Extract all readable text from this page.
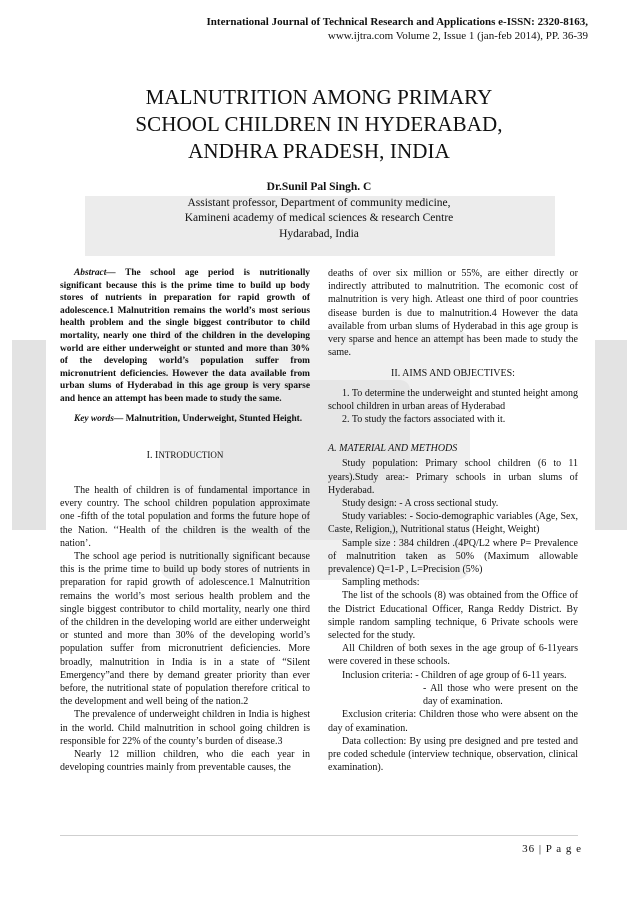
International Journal of Technical Research and Applications e-ISSN: 2320-8163,
www.ijtra.com Volume 2, Issue 1 (jan-feb 2014), PP. 36-39
MALNUTRITION AMONG PRIMARY
SCHOOL CHILDREN IN HYDERABAD,
ANDHRA PRADESH, INDIA
Dr.Sunil Pal Singh. C
Assistant professor, Department of community medicine,
Kamineni academy of medical sciences & research Centre
Hydarabad, India

Abstract— The school age period is nutritionally significant because this is the prime time to build up body stores of nutrients in preparation for rapid growth of adolescence.1 Malnutrition remains the world’s most serious health problem and the single biggest contributor to child mortality, nearly one third of the children in the developing world are either underweight or stunted and more than 30% of the developing world’s population suffer from micronutrient deficiencies. However the data available from urban slums of Hyderabad in this age group is very sparse and hence an attempt has been made to study the same.

Key words— Malnutrition, Underweight, Stunted Height.

I. INTRODUCTION

The health of children is of fundamental importance in every country. The school children population approximate one -fifth of the total population and forms the future hope of the Nation. ‘‘Health of the children is the wealth of the nation’.

The school age period is nutritionally significant because this is the prime time to build up body stores of nutrients in preparation for rapid growth of adolescence.1 Malnutrition remains the world’s most serious health problem and the single biggest contributor to child mortality, nearly one third of the children in the developing world are either underweight or stunted and more than 30% of the developing world’s population suffer from micronutrient deficiencies. More broadly, malnutrition in India is in a state of “Silent Emergency”and there by demand greater priority than ever before, the nutritional state of population therefore critical to the development and well being of the nation.2

The prevalence of underweight children in India is highest in the world. Child malnutrition in school going children is responsible for 22% of the county’s burden of disease.3

Nearly 12 million children, who die each year in developing countries mainly from preventable causes, the

deaths of over six million or 55%, are either directly or indirectly attributed to malnutrition. The ecomonic cost of malnutrition is very high. Atleast one third of poor countries disease burden is due to malnutrition.4 However the data available from urban slums of Hyderabad in this age group is very sparse and hence an attempt has been made to study the same.

II. AIMS AND OBJECTIVES:

1. To determine the underweight and stunted height among school children in urban areas of Hyderabad

2. To study the factors associated with it.

A. MATERIAL AND METHODS

Study population: Primary school children (6 to 11 years).Study area:- Primary schools in urban slums of Hyderabad.

Study design: - A cross sectional study.

Study variables: - Socio-demographic variables (Age, Sex, Caste, Religion,), Nutritional status (Height, Weight)

Sample size : 384 children .(4PQ/L2 where P= Prevalence of malnutrition taken as 50% (Maximum allowable prevalence) Q=1-P , L=Precision (5%)

Sampling methods:

The list of the schools (8) was obtained from the Office of the District Educational Officer, Ranga Reddy District. By simple random sampling technique, 6 Private schools were selected for the study.

All Children of both sexes in the age group of 6-11years were covered in these schools.

Inclusion criteria: - Children of age group of 6-11 years.

- All those who were present on the day of examination.

Exclusion criteria: Children those who were absent on the day of examination.

Data collection: By using pre designed and pre tested and pre coded schedule (interview technique, observation, clinical examination).

36 | P a g e
